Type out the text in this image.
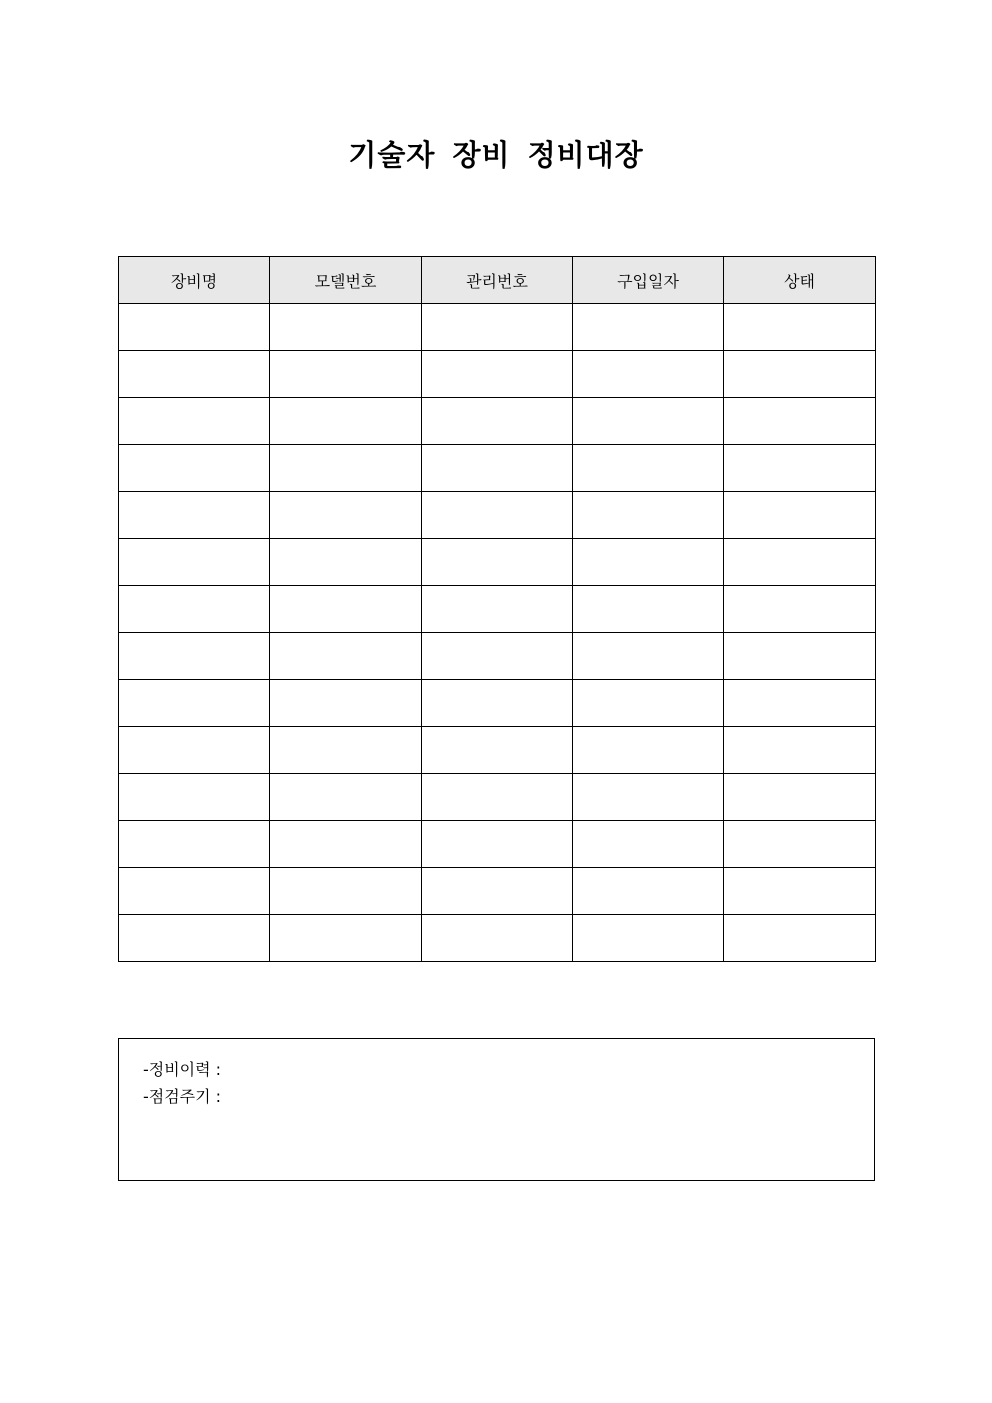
기술자 장비 정비대장
장비명	모델번호	관리번호	구입일자	상태

-정비이력 :
-점검주기 :
